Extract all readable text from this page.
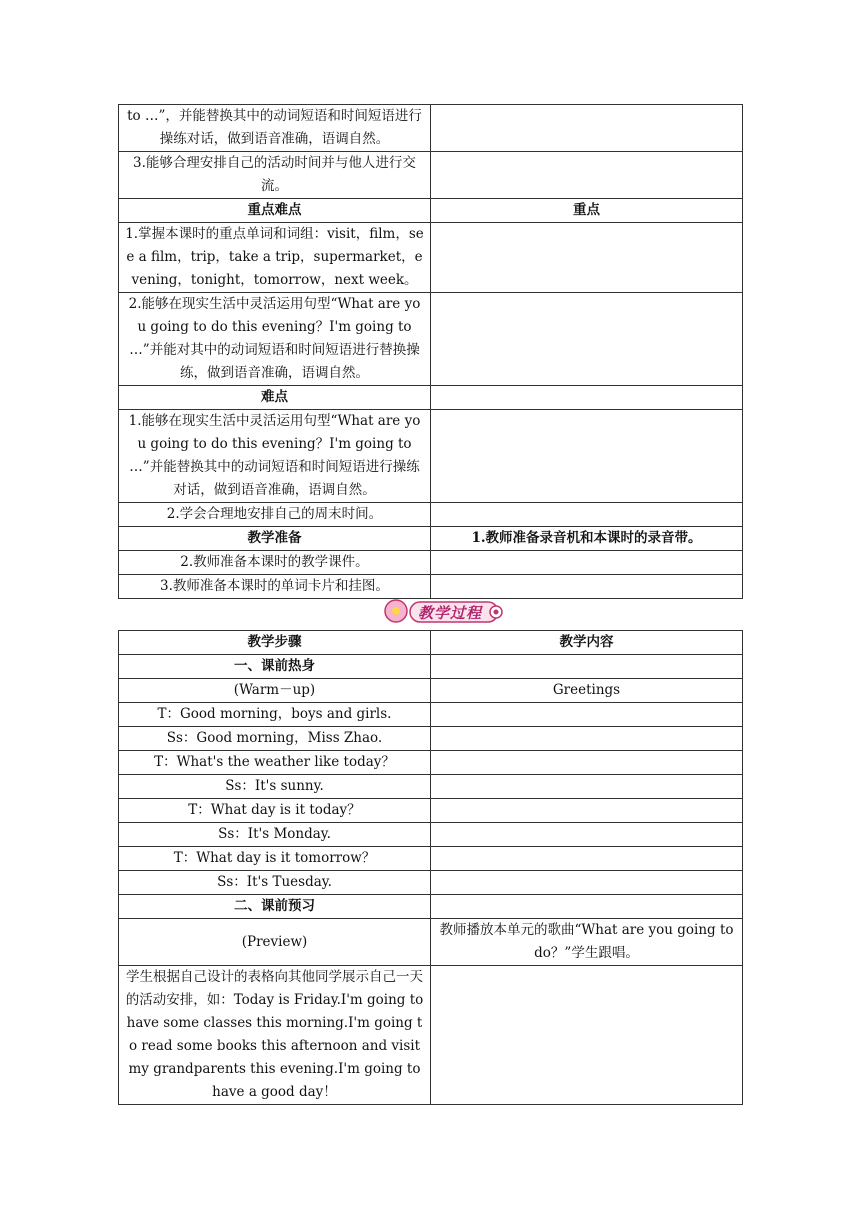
to …”，并能替换其中的动词短语和时间短语进行操练对话，做到语音准确，语调自然。	
3.能够合理安排自己的活动时间并与他人进行交流。	
重点难点	重点
1.掌握本课时的重点单词和词组：visit，film，see a film，trip，take a trip，supermarket，evening，tonight，tomorrow，next week。	
2.能够在现实生活中灵活运用句型“What are you going to do this evening？I'm going to …”并能对其中的动词短语和时间短语进行替换操练，做到语音准确，语调自然。	
难点	
1.能够在现实生活中灵活运用句型“What are you going to do this evening？I'm going to …”并能替换其中的动词短语和时间短语进行操练对话，做到语音准确，语调自然。	
2.学会合理地安排自己的周末时间。	
教学准备	1.教师准备录音机和本课时的录音带。
2.教师准备本课时的教学课件。	
3.教师准备本课时的单词卡片和挂图。	
教学过程
教学步骤	教学内容
一、课前热身	
(Warm－up)	Greetings
T：Good morning，boys and girls.	
Ss：Good morning，Miss Zhao.	
T：What's the weather like today？	
Ss：It's sunny.	
T：What day is it today？	
Ss：It's Monday.	
T：What day is it tomorrow？	
Ss：It's Tuesday.	
二、课前预习	
(Preview)	教师播放本单元的歌曲“What are you going to do？”学生跟唱。
学生根据自己设计的表格向其他同学展示自己一天的活动安排，如：Today is Friday.I'm going to have some classes this morning.I'm going to read some books this afternoon and visit my grandparents this evening.I'm going to have a good day！	
